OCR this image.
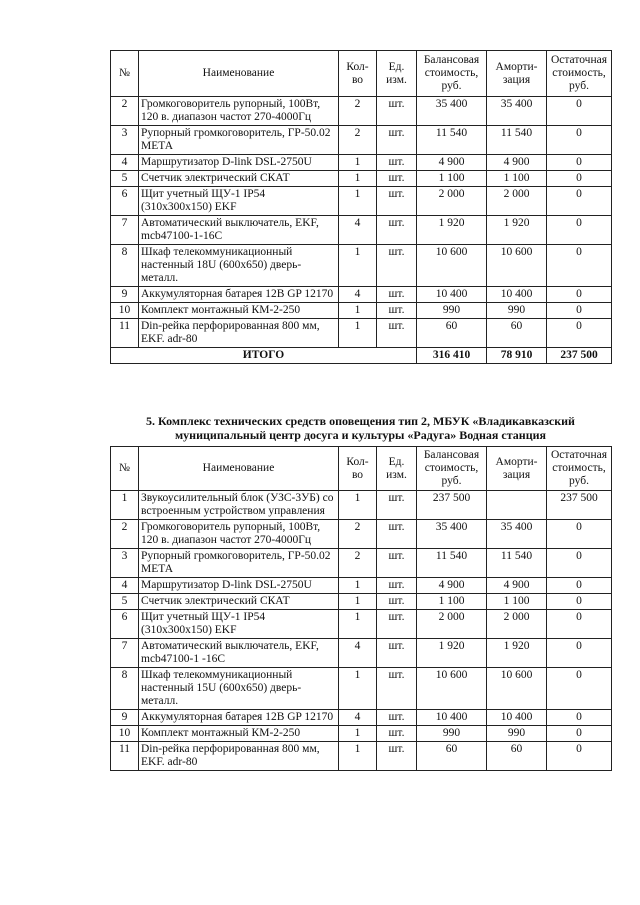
№	Наименование	Кол-во	Ед. изм.	Балансовая стоимость, руб.	Аморти-зация	Остаточная стоимость, руб.
2	Громкоговоритель рупорный, 100Вт, 120 в. диапазон частот 270-4000Гц	2	шт.	35 400	35 400	0
3	Рупорный громкоговоритель, ГР-50.02 МЕТА	2	шт.	11 540	11 540	0
4	Маршрутизатор D-link DSL-2750U	1	шт.	4 900	4 900	0
5	Счетчик электрический СКАТ	1	шт.	1 100	1 100	0
6	Щит учетный ЩУ-1 IP54 (310x300x150) EKF	1	шт.	2 000	2 000	0
7	Автоматический выключатель, EKF, mcb47100-1-16C	4	шт.	1 920	1 920	0
8	Шкаф телекоммуникационный настенный 18U (600x650) дверь-металл.	1	шт.	10 600	10 600	0
9	Аккумуляторная батарея 12В GP 12170	4	шт.	10 400	10 400	0
10	Комплект монтажный КМ-2-250	1	шт.	990	990	0
11	Din-рейка перфорированная 800 мм, EKF. adr-80	1	шт.	60	60	0
ИТОГО				316 410	78 910	237 500
5. Комплекс технических средств оповещения тип 2, МБУК «Владикавказский муниципальный центр досуга и культуры «Радуга» Водная станция
№	Наименование	Кол-во	Ед. изм.	Балансовая стоимость, руб.	Аморти-зация	Остаточная стоимость, руб.
1	Звукоусилительный блок (УЗС-3УБ) со встроенным устройством управления	1	шт.	237 500		237 500
2	Громкоговоритель рупорный, 100Вт, 120 в. диапазон частот 270-4000Гц	2	шт.	35 400	35 400	0
3	Рупорный громкоговоритель, ГР-50.02 МЕТА	2	шт.	11 540	11 540	0
4	Маршрутизатор D-link DSL-2750U	1	шт.	4 900	4 900	0
5	Счетчик электрический СКАТ	1	шт.	1 100	1 100	0
6	Щит учетный ЩУ-1 IP54 (310x300x150) EKF	1	шт.	2 000	2 000	0
7	Автоматический выключатель, EKF, mcb47100-1 -16C	4	шт.	1 920	1 920	0
8	Шкаф телекоммуникационный настенный 15U (600x650) дверь-металл.	1	шт.	10 600	10 600	0
9	Аккумуляторная батарея 12В GP 12170	4	шт.	10 400	10 400	0
10	Комплект монтажный КМ-2-250	1	шт.	990	990	0
11	Din-рейка перфорированная 800 мм, EKF. adr-80	1	шт.	60	60	0
